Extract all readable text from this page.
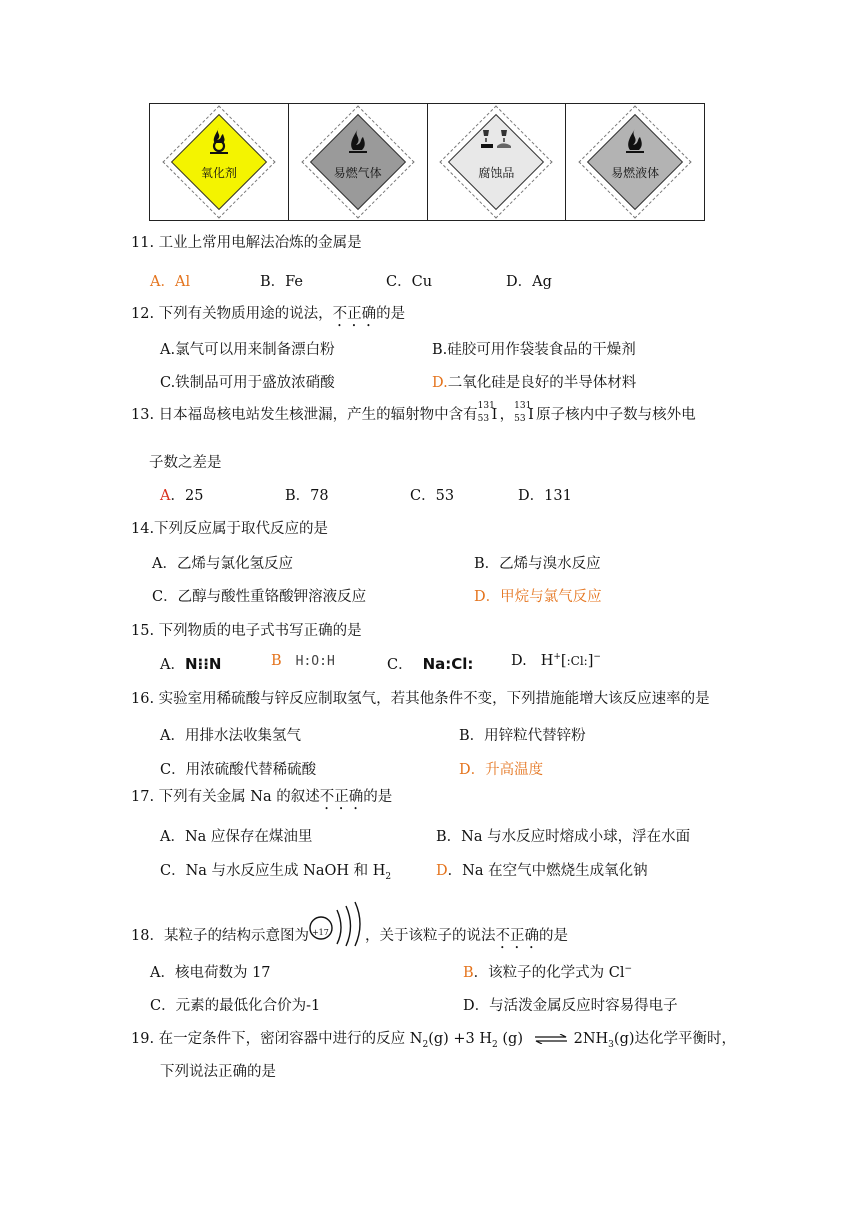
氧化剂	易燃气体	腐蚀品	易燃液体
11. 工业上常用电解法冶炼的金属是
A．Al	B．Fe	C．Cu	D．Ag
12. 下列有关物质用途的说法，不正确的是
A.氯气可以用来制备漂白粉	B.硅胶可用作袋装食品的干燥剂
C.铁制品可用于盛放浓硝酸	D.二氧化硅是良好的半导体材料
13. 日本福岛核电站发生核泄漏，产生的辐射物中含有
131
53 I ，
131
53 I 原子核内中子数与核外电
子数之差是
A．25	B．78	C．53	D．131
14.下列反应属于取代反应的是
A．乙烯与氯化氢反应	B．乙烯与溴水反应
C．乙醇与酸性重铬酸钾溶液反应	D．甲烷与氯气反应
15. 下列物质的电子式书写正确的是
A．N⁝⁝N	B H:O:H	C． Na:Cl:	D. H+[:Cl:]−
16. 实验室用稀硫酸与锌反应制取氢气，若其他条件不变，下列措施能增大该反应速率的是
A．用排水法收集氢气	B．用锌粒代替锌粉
C．用浓硫酸代替稀硫酸	D．升高温度
17. 下列有关金属 Na 的叙述不正确的是
A．Na 应保存在煤油里	B．Na 与水反应时熔成小球，浮在水面
C．Na 与水反应生成 NaOH 和 $H_2$	D．Na 在空气中燃烧生成氧化钠
18．某粒子的结构示意图为 +17 ，关于该粒子的说法不正确的是
A．核电荷数为 17	B．该粒子的化学式为 Cl−
C．元素的最低化合价为-1	D．与活泼金属反应时容易得电子
19. 在一定条件下，密闭容器中进行的反应 $N_2(g) +3$ $H_2$ (g) ⇌ $2NH_3(g)$达化学平衡时，
下列说法正确的是
